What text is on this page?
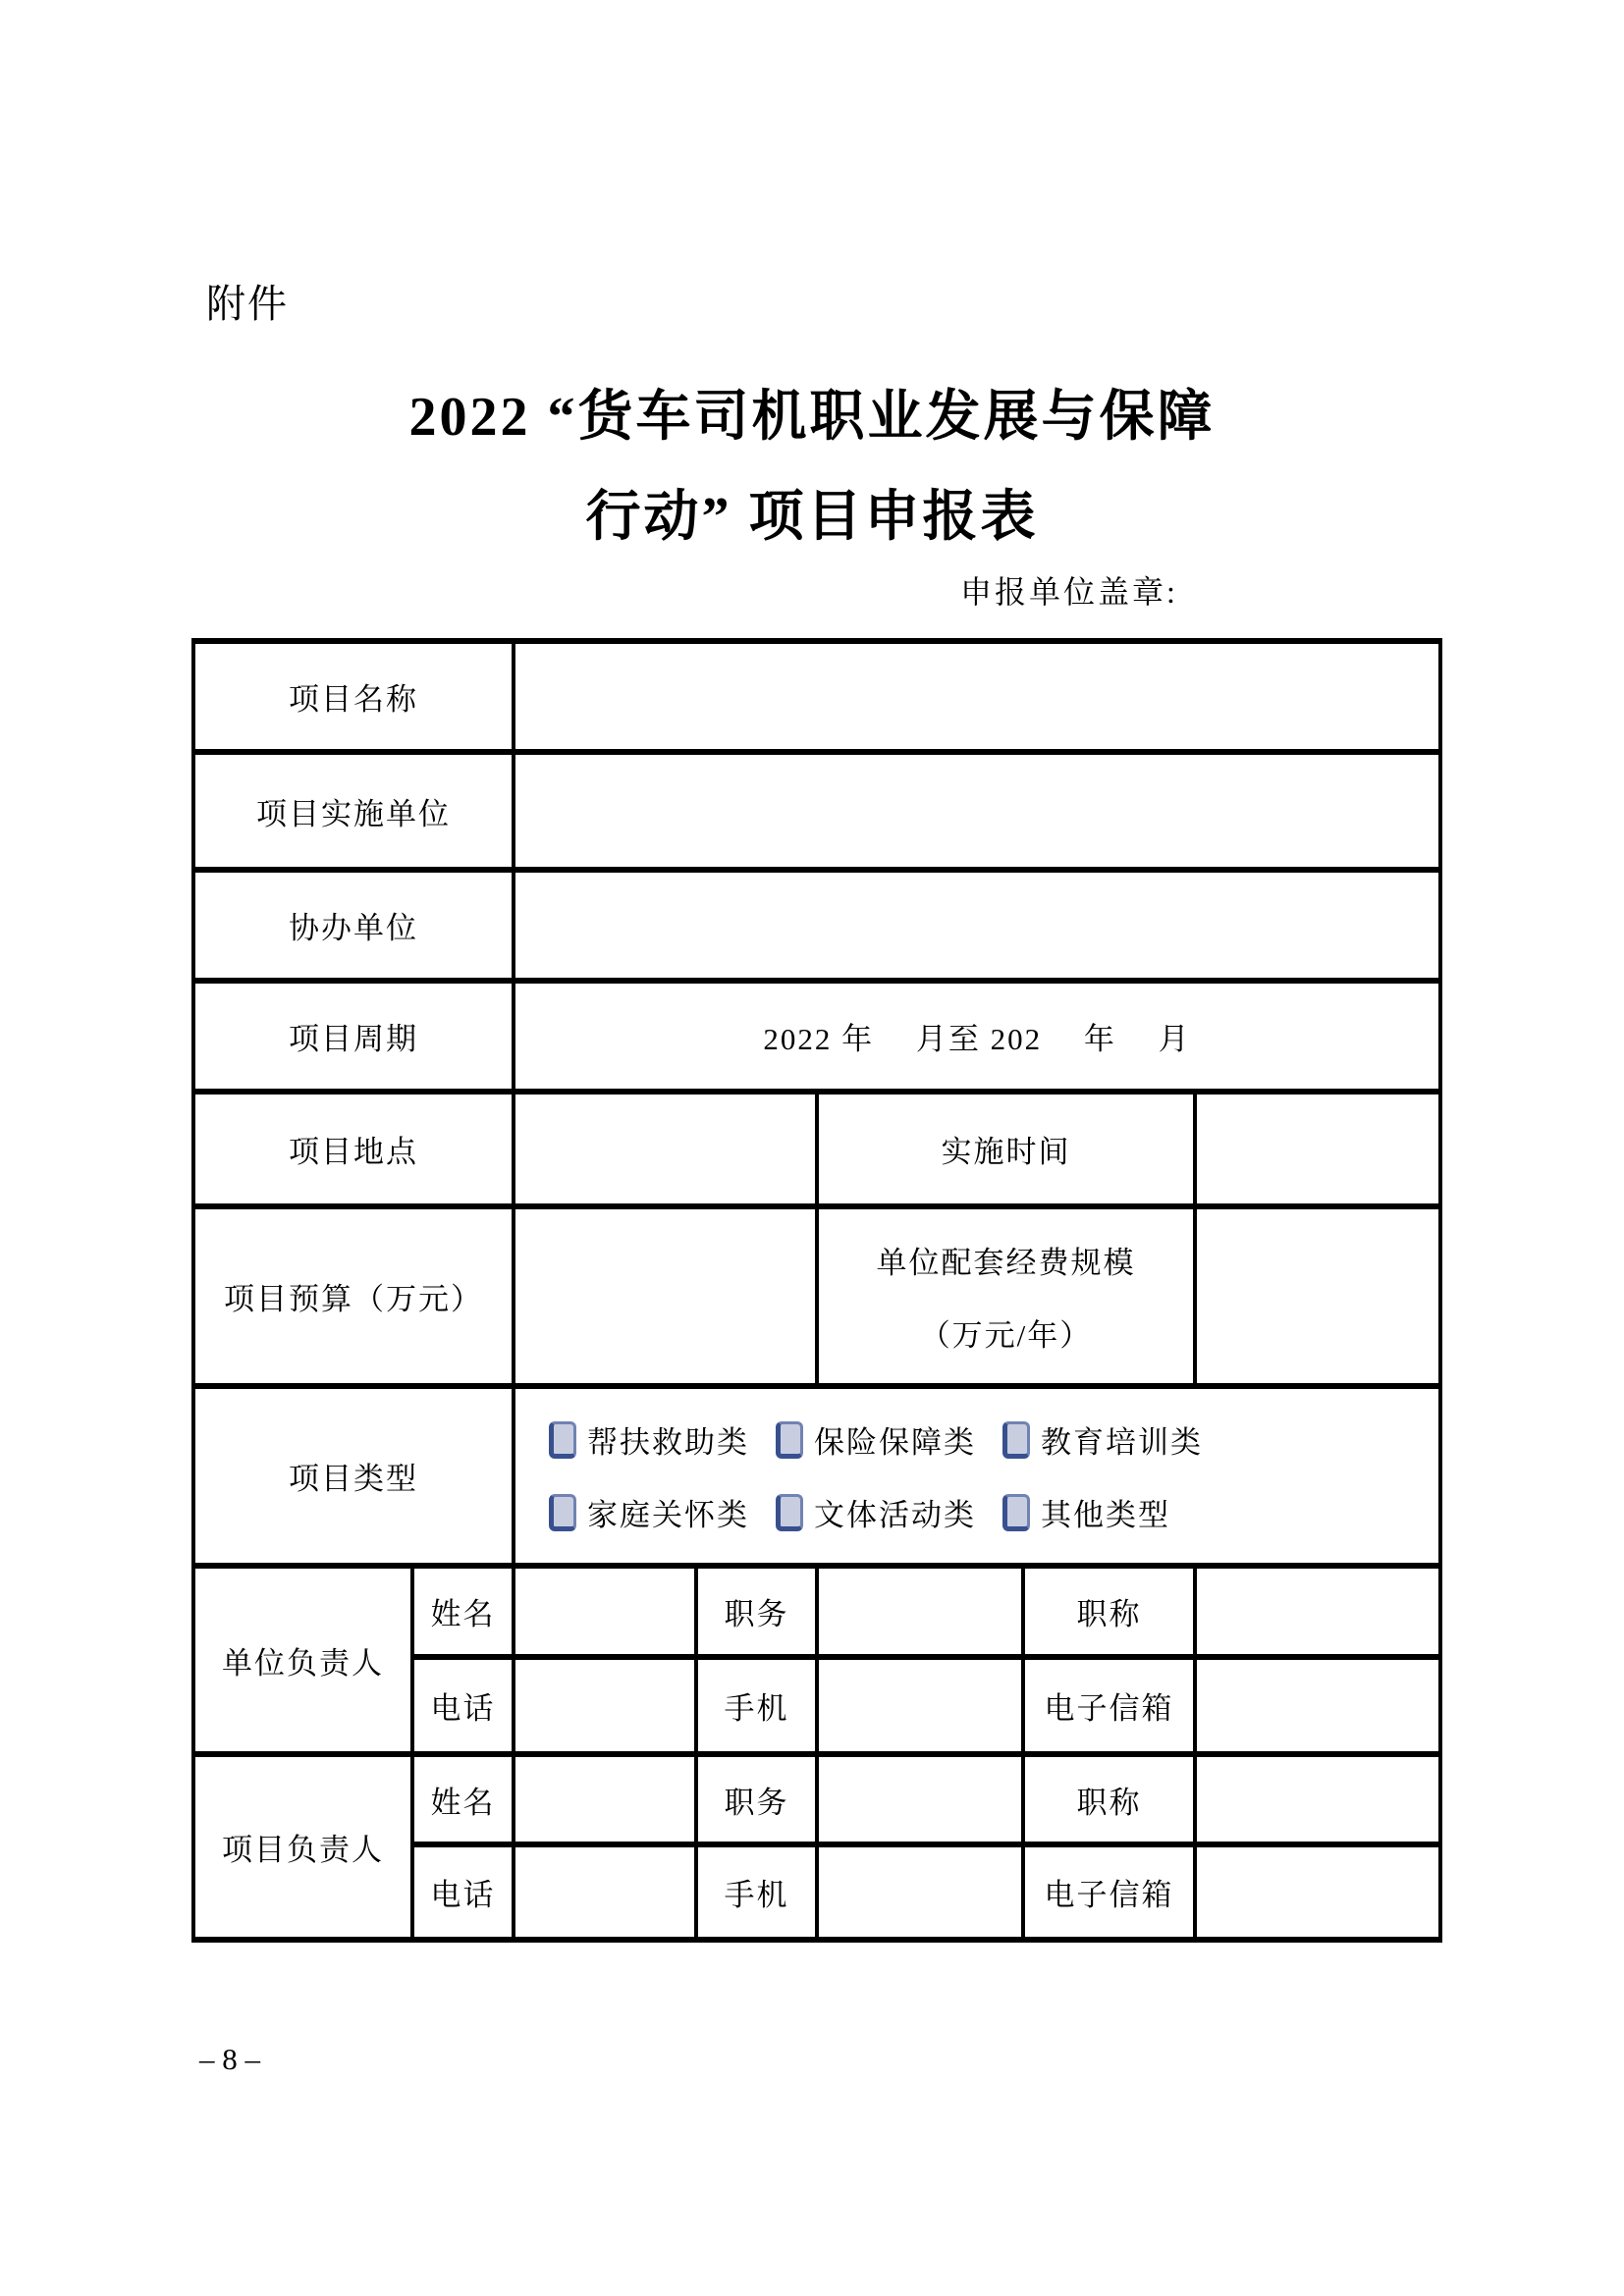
附件
2022 “货车司机职业发展与保障
行动” 项目申报表
申报单位盖章:
项目名称						
项目实施单位						
协办单位						
项目周期		2022 年　 月至 202　 年　 月				
项目地点				实施时间		
项目预算（万元）				单位配套经费规模
（万元/年）		

项目类型	
帮扶救助类 保险保障类 教育培训类
家庭关怀类 文体活动类 其他类型

单位负责人	姓名		职务		职称	
	电话		手机		电子信箱	
项目负责人	姓名		职务		职称	
	电话		手机		电子信箱	
– 8 –
